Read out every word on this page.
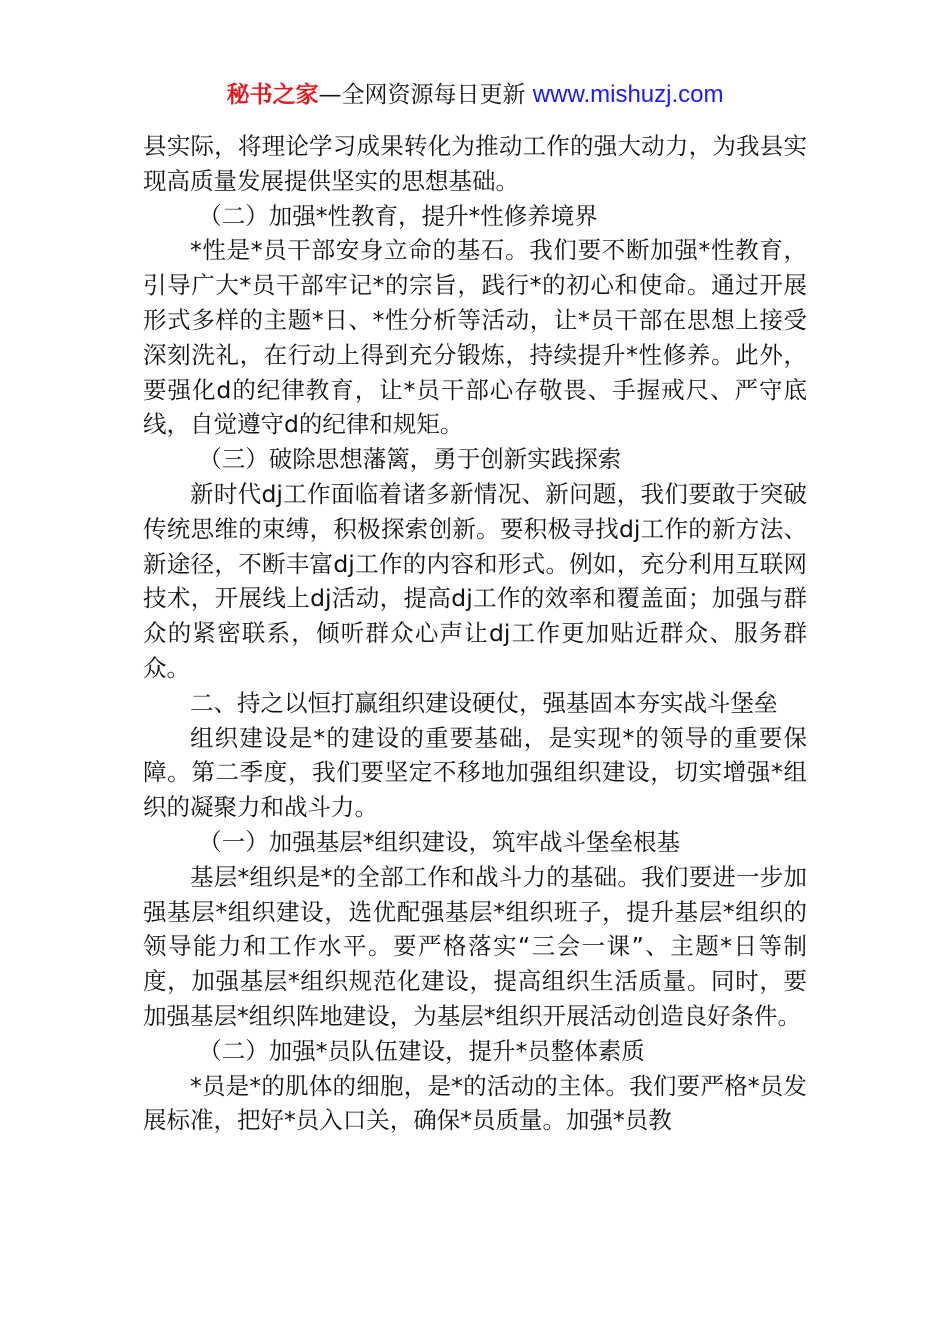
秘书之家—全网资源每日更新 www.mishuzj.com

县实际，将理论学习成果转化为推动工作的强大动力，为我县实现高质量发展提供坚实的思想基础。

（二）加强*性教育，提升*性修养境界

*性是*员干部安身立命的基石。我们要不断加强*性教育，引导广大*员干部牢记*的宗旨，践行*的初心和使命。通过开展形式多样的主题*日、*性分析等活动，让*员干部在思想上接受深刻洗礼，在行动上得到充分锻炼，持续提升*性修养。此外，要强化d的纪律教育，让*员干部心存敬畏、手握戒尺、严守底线，自觉遵守d的纪律和规矩。

（三）破除思想藩篱，勇于创新实践探索

新时代dj工作面临着诸多新情况、新问题，我们要敢于突破传统思维的束缚，积极探索创新。要积极寻找dj工作的新方法、新途径，不断丰富dj工作的内容和形式。例如，充分利用互联网技术，开展线上dj活动，提高dj工作的效率和覆盖面；加强与群众的紧密联系，倾听群众心声让dj工作更加贴近群众、服务群众。

二、持之以恒打赢组织建设硬仗，强基固本夯实战斗堡垒

组织建设是*的建设的重要基础，是实现*的领导的重要保障。第二季度，我们要坚定不移地加强组织建设，切实增强*组织的凝聚力和战斗力。

（一）加强基层*组织建设，筑牢战斗堡垒根基

基层*组织是*的全部工作和战斗力的基础。我们要进一步加强基层*组织建设，选优配强基层*组织班子，提升基层*组织的领导能力和工作水平。要严格落实“三会一课”、主题*日等制度，加强基层*组织规范化建设，提高组织生活质量。同时，要加强基层*组织阵地建设，为基层*组织开展活动创造良好条件。

（二）加强*员队伍建设，提升*员整体素质

*员是*的肌体的细胞，是*的活动的主体。我们要严格*员发展标准，把好*员入口关，确保*员质量。加强*员教
